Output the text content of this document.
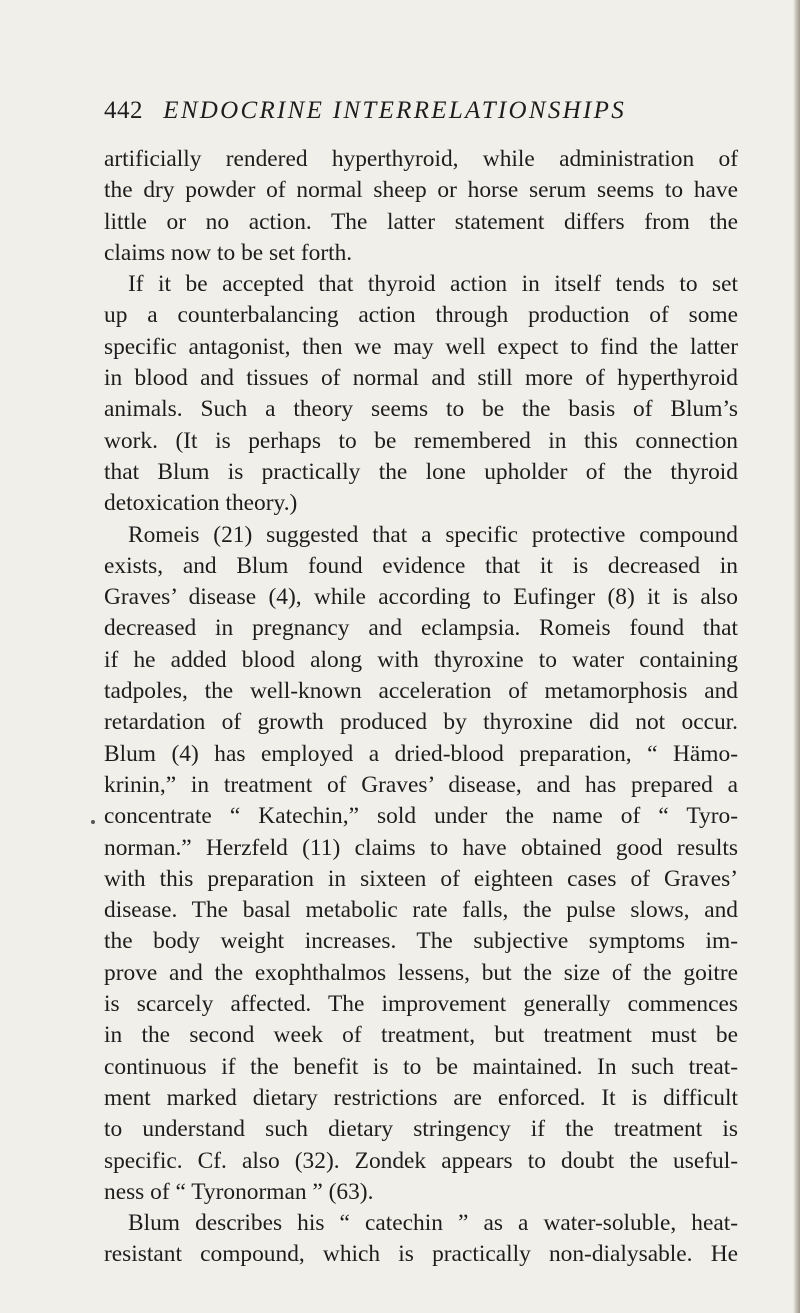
442 ENDOCRINE INTERRELATIONSHIPS
artificially rendered hyperthyroid, while administration of
the dry powder of normal sheep or horse serum seems to have
little or no action. The latter statement differs from the
claims now to be set forth.
If it be accepted that thyroid action in itself tends to set
up a counterbalancing action through production of some
specific antagonist, then we may well expect to find the latter
in blood and tissues of normal and still more of hyperthyroid
animals. Such a theory seems to be the basis of Blum’s
work. (It is perhaps to be remembered in this connection
that Blum is practically the lone upholder of the thyroid
detoxication theory.)
Romeis (21) suggested that a specific protective compound
exists, and Blum found evidence that it is decreased in
Graves’ disease (4), while according to Eufinger (8) it is also
decreased in pregnancy and eclampsia. Romeis found that
if he added blood along with thyroxine to water containing
tadpoles, the well-known acceleration of metamorphosis and
retardation of growth produced by thyroxine did not occur.
Blum (4) has employed a dried-blood preparation, “ Hämo-
krinin,” in treatment of Graves’ disease, and has prepared a
concentrate “ Katechin,” sold under the name of “ Tyro-
norman.” Herzfeld (11) claims to have obtained good results
with this preparation in sixteen of eighteen cases of Graves’
disease. The basal metabolic rate falls, the pulse slows, and
the body weight increases. The subjective symptoms im-
prove and the exophthalmos lessens, but the size of the goitre
is scarcely affected. The improvement generally commences
in the second week of treatment, but treatment must be
continuous if the benefit is to be maintained. In such treat-
ment marked dietary restrictions are enforced. It is difficult
to understand such dietary stringency if the treatment is
specific. Cf. also (32). Zondek appears to doubt the useful-
ness of “ Tyronorman ” (63).
Blum describes his “ catechin ” as a water-soluble, heat-
resistant compound, which is practically non-dialysable. He
